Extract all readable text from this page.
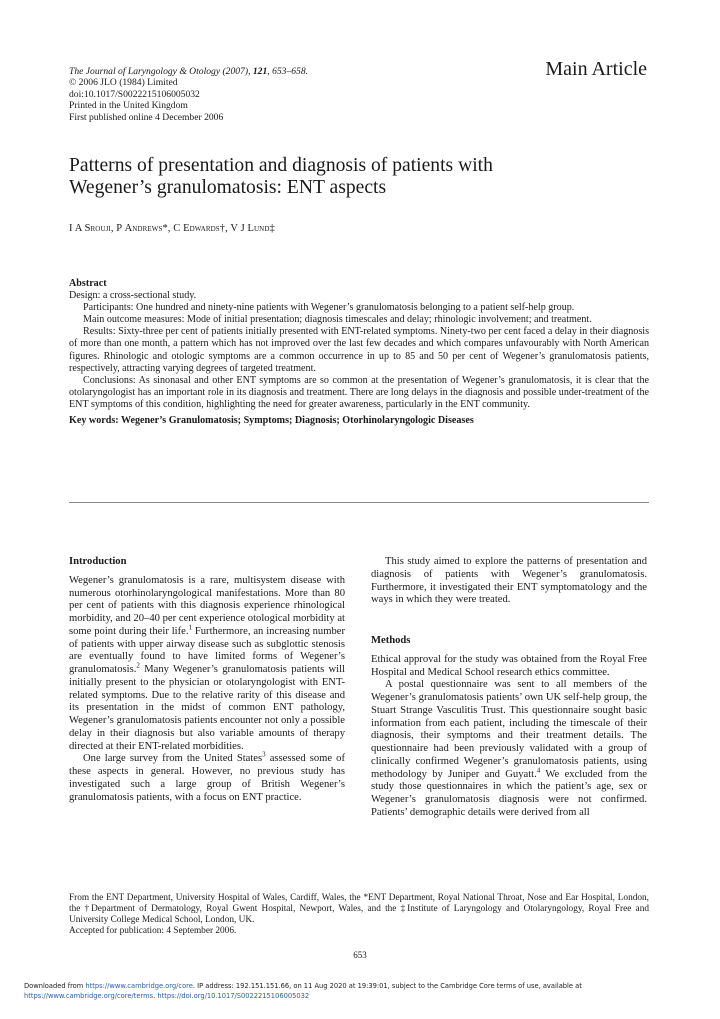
The Journal of Laryngology & Otology (2007), 121, 653–658.
© 2006 JLO (1984) Limited
doi:10.1017/S0022215106005032
Printed in the United Kingdom
First published online 4 December 2006
Main Article
Patterns of presentation and diagnosis of patients with
Wegener’s granulomatosis: ENT aspects
I A Srouji, P Andrews*, C Edwards†, V J Lund‡

Abstract

Design: a cross-sectional study.

Participants: One hundred and ninety-nine patients with Wegener’s granulomatosis belonging to a patient self-help group.

Main outcome measures: Mode of initial presentation; diagnosis timescales and delay; rhinologic involvement; and treatment.

Results: Sixty-three per cent of patients initially presented with ENT-related symptoms. Ninety-two per cent faced a delay in their diagnosis of more than one month, a pattern which has not improved over the last few decades and which compares unfavourably with North American figures. Rhinologic and otologic symptoms are a common occurrence in up to 85 and 50 per cent of Wegener’s granulomatosis patients, respectively, attracting varying degrees of targeted treatment.

Conclusions: As sinonasal and other ENT symptoms are so common at the presentation of Wegener’s granulomatosis, it is clear that the otolaryngologist has an important role in its diagnosis and treatment. There are long delays in the diagnosis and possible under-treatment of the ENT symptoms of this condition, highlighting the need for greater awareness, particularly in the ENT community.

Key words: Wegener’s Granulomatosis; Symptoms; Diagnosis; Otorhinolaryngologic Diseases

Introduction

Wegener’s granulomatosis is a rare, multisystem disease with numerous otorhinolaryngological manifestations. More than 80 per cent of patients with this diagnosis experience rhinological morbidity, and 20–40 per cent experience otological morbidity at some point during their life.$^1$ Furthermore, an increasing number of patients with upper airway disease such as subglottic stenosis are eventually found to have limited forms of Wegener’s granulomatosis.$^2$ Many Wegener’s granulomatosis patients will initially present to the physician or otolaryngologist with ENT-related symptoms. Due to the relative rarity of this disease and its presentation in the midst of common ENT pathology, Wegener’s granulomatosis patients encounter not only a possible delay in their diagnosis but also variable amounts of therapy directed at their ENT-related morbidities.

One large survey from the United States$^3$ assessed some of these aspects in general. However, no previous study has investigated such a large group of British Wegener’s granulomatosis patients, with a focus on ENT practice.

This study aimed to explore the patterns of presentation and diagnosis of patients with Wegener’s granulomatosis. Furthermore, it investigated their ENT symptomatology and the ways in which they were treated.

Methods

Ethical approval for the study was obtained from the Royal Free Hospital and Medical School research ethics committee.

A postal questionnaire was sent to all members of the Wegener’s granulomatosis patients’ own UK self-help group, the Stuart Strange Vasculitis Trust. This questionnaire sought basic information from each patient, including the timescale of their diagnosis, their symptoms and their treatment details. The questionnaire had been previously validated with a group of clinically confirmed Wegener’s granulomatosis patients, using methodology by Juniper and Guyatt.$^4$ We excluded from the study those questionnaires in which the patient’s age, sex or Wegener’s granulomatosis diagnosis were not confirmed. Patients’ demographic details were derived from all

From the ENT Department, University Hospital of Wales, Cardiff, Wales, the *ENT Department, Royal National Throat, Nose and Ear Hospital, London, the †Department of Dermatology, Royal Gwent Hospital, Newport, Wales, and the ‡Institute of Laryngology and Otolaryngology, Royal Free and University College Medical School, London, UK.

Accepted for publication: 4 September 2006.

653
Downloaded from https://www.cambridge.org/core. IP address: 192.151.151.66, on 11 Aug 2020 at 19:39:01, subject to the Cambridge Core terms of use, available at
https://www.cambridge.org/core/terms. https://doi.org/10.1017/S0022215106005032
